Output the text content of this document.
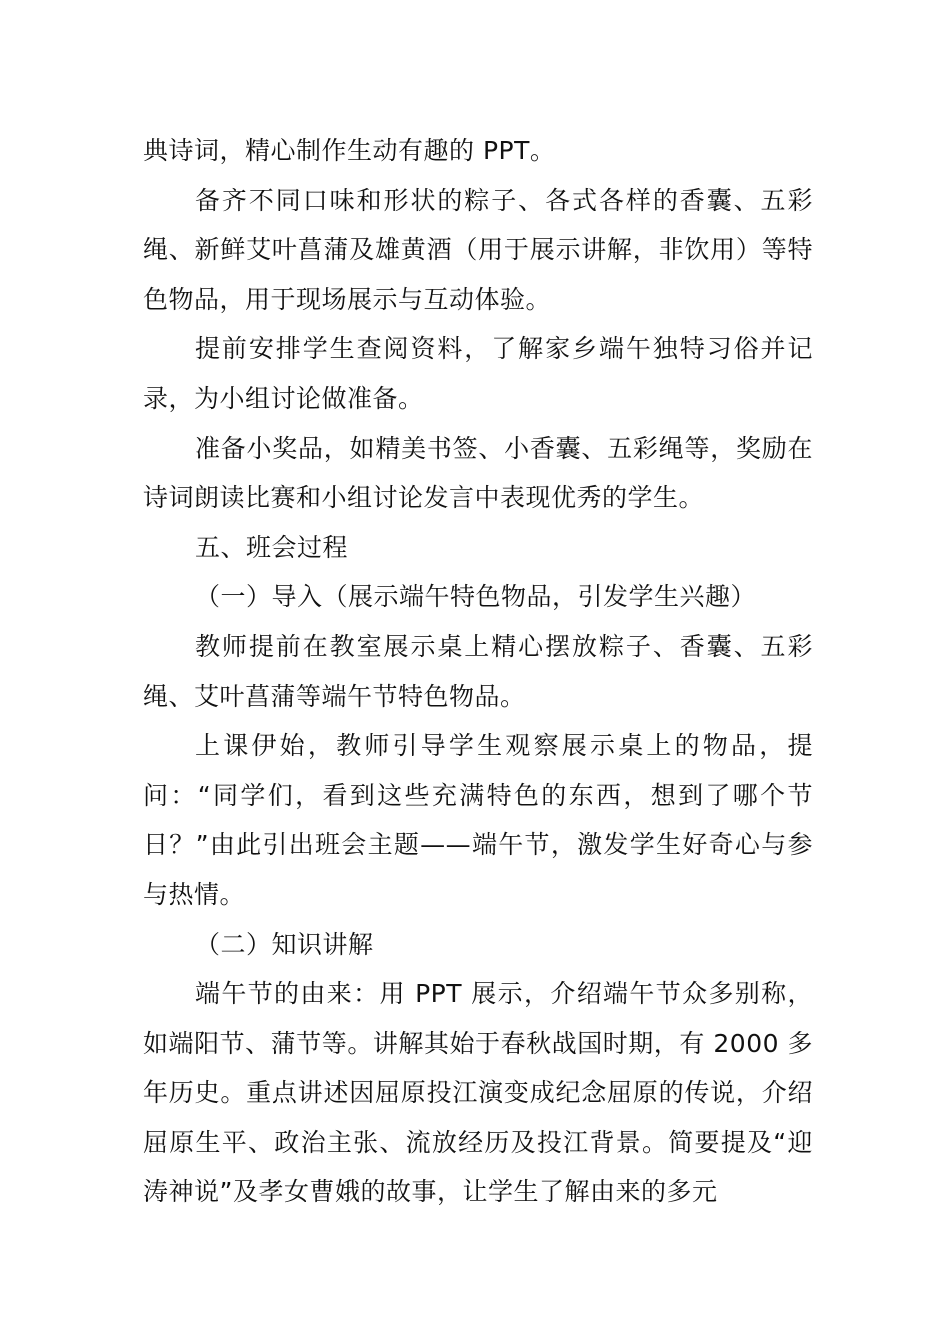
典诗词，精心制作生动有趣的 PPT。

备齐不同口味和形状的粽子、各式各样的香囊、五彩绳、新鲜艾叶菖蒲及雄黄酒（用于展示讲解，非饮用）等特色物品，用于现场展示与互动体验。

提前安排学生查阅资料，了解家乡端午独特习俗并记录，为小组讨论做准备。

准备小奖品，如精美书签、小香囊、五彩绳等，奖励在诗词朗读比赛和小组讨论发言中表现优秀的学生。

五、班会过程

（一）导入（展示端午特色物品，引发学生兴趣）

教师提前在教室展示桌上精心摆放粽子、香囊、五彩绳、艾叶菖蒲等端午节特色物品。

上课伊始，教师引导学生观察展示桌上的物品，提问：“同学们，看到这些充满特色的东西，想到了哪个节日？”由此引出班会主题——端午节，激发学生好奇心与参与热情。

（二）知识讲解

端午节的由来：用 PPT 展示，介绍端午节众多别称，如端阳节、蒲节等。讲解其始于春秋战国时期，有 2000 多年历史。重点讲述因屈原投江演变成纪念屈原的传说，介绍屈原生平、政治主张、流放经历及投江背景。简要提及“迎涛神说”及孝女曹娥的故事，让学生了解由来的多元
